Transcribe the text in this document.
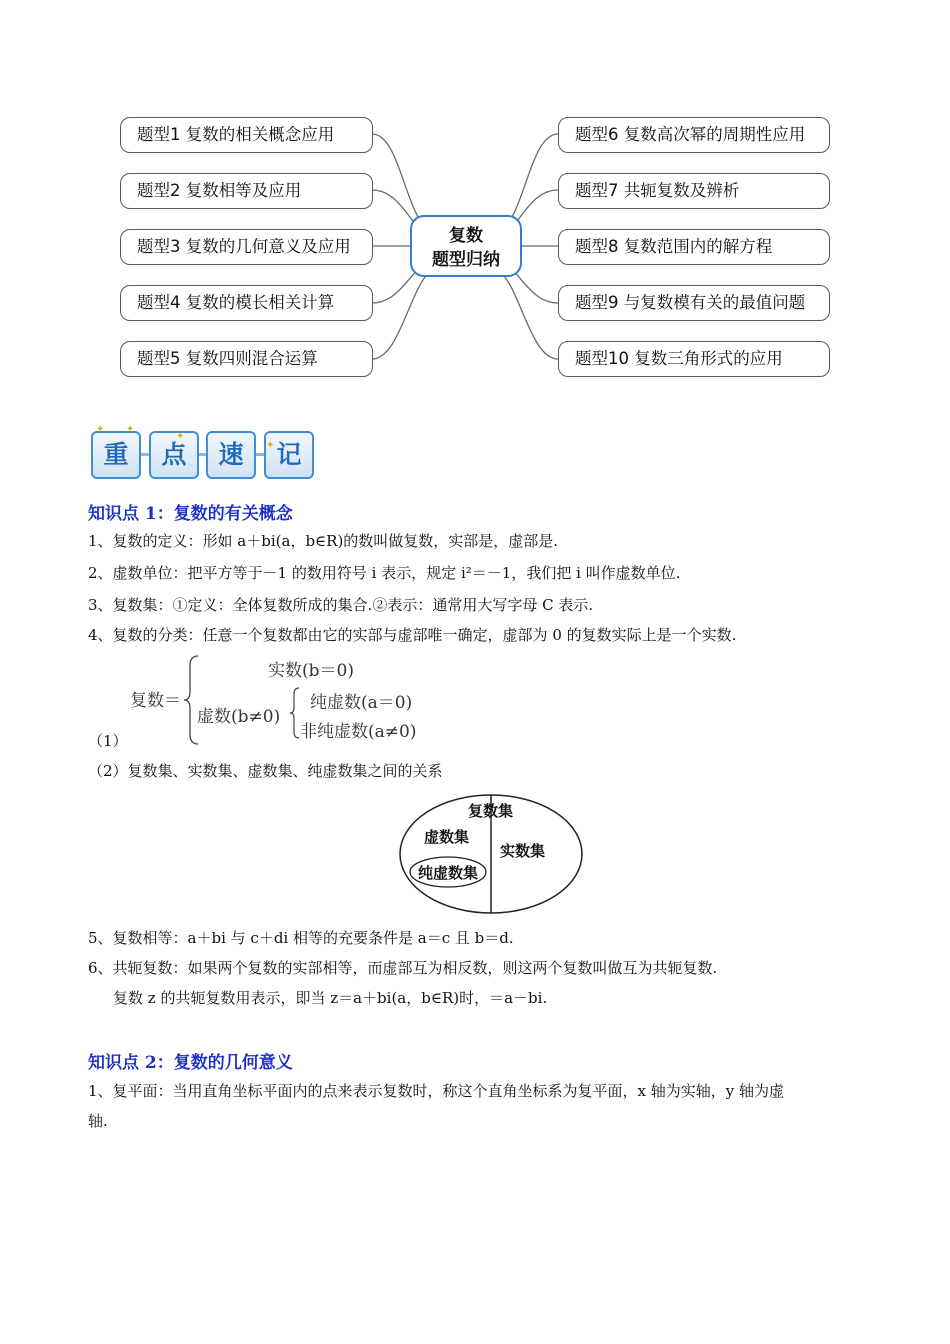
题型1 复数的相关概念应用
题型2 复数相等及应用
题型3 复数的几何意义及应用
题型4 复数的模长相关计算
题型5 复数四则混合运算
题型6 复数高次幂的周期性应用
题型7 共轭复数及辨析
题型8 复数范围内的解方程
题型9 与复数模有关的最值问题
题型10 复数三角形式的应用
复数
题型归纳
重	点	速	记
✦ ✦
✦
✦
知识点 1：复数的有关概念
1、复数的定义：形如 a＋bi(a，b∈R)的数叫做复数，实部是，虚部是.
2、虚数单位：把平方等于－1 的数用符号 i 表示，规定 i²＝－1，我们把 i 叫作虚数单位.
3、复数集：①定义：全体复数所成的集合.②表示：通常用大写字母 C 表示.
4、复数的分类：任意一个复数都由它的实部与虚部唯一确定，虚部为 0 的复数实际上是一个实数.
复数＝
实数(b＝0)
虚数(b≠0)
纯虚数(a＝0)
非纯虚数(a≠0)
（1）
（2）复数集、实数集、虚数集、纯虚数集之间的关系
复数集
虚数集
实数集
纯虚数集
5、复数相等：a＋bi 与 c＋di 相等的充要条件是 a＝c 且 b＝d.
6、共轭复数：如果两个复数的实部相等，而虚部互为相反数，则这两个复数叫做互为共轭复数.
复数 z 的共轭复数用表示，即当 z＝a＋bi(a，b∈R)时，＝a－bi.
知识点 2：复数的几何意义
1、复平面：当用直角坐标平面内的点来表示复数时，称这个直角坐标系为复平面，x 轴为实轴，y 轴为虚
轴.
